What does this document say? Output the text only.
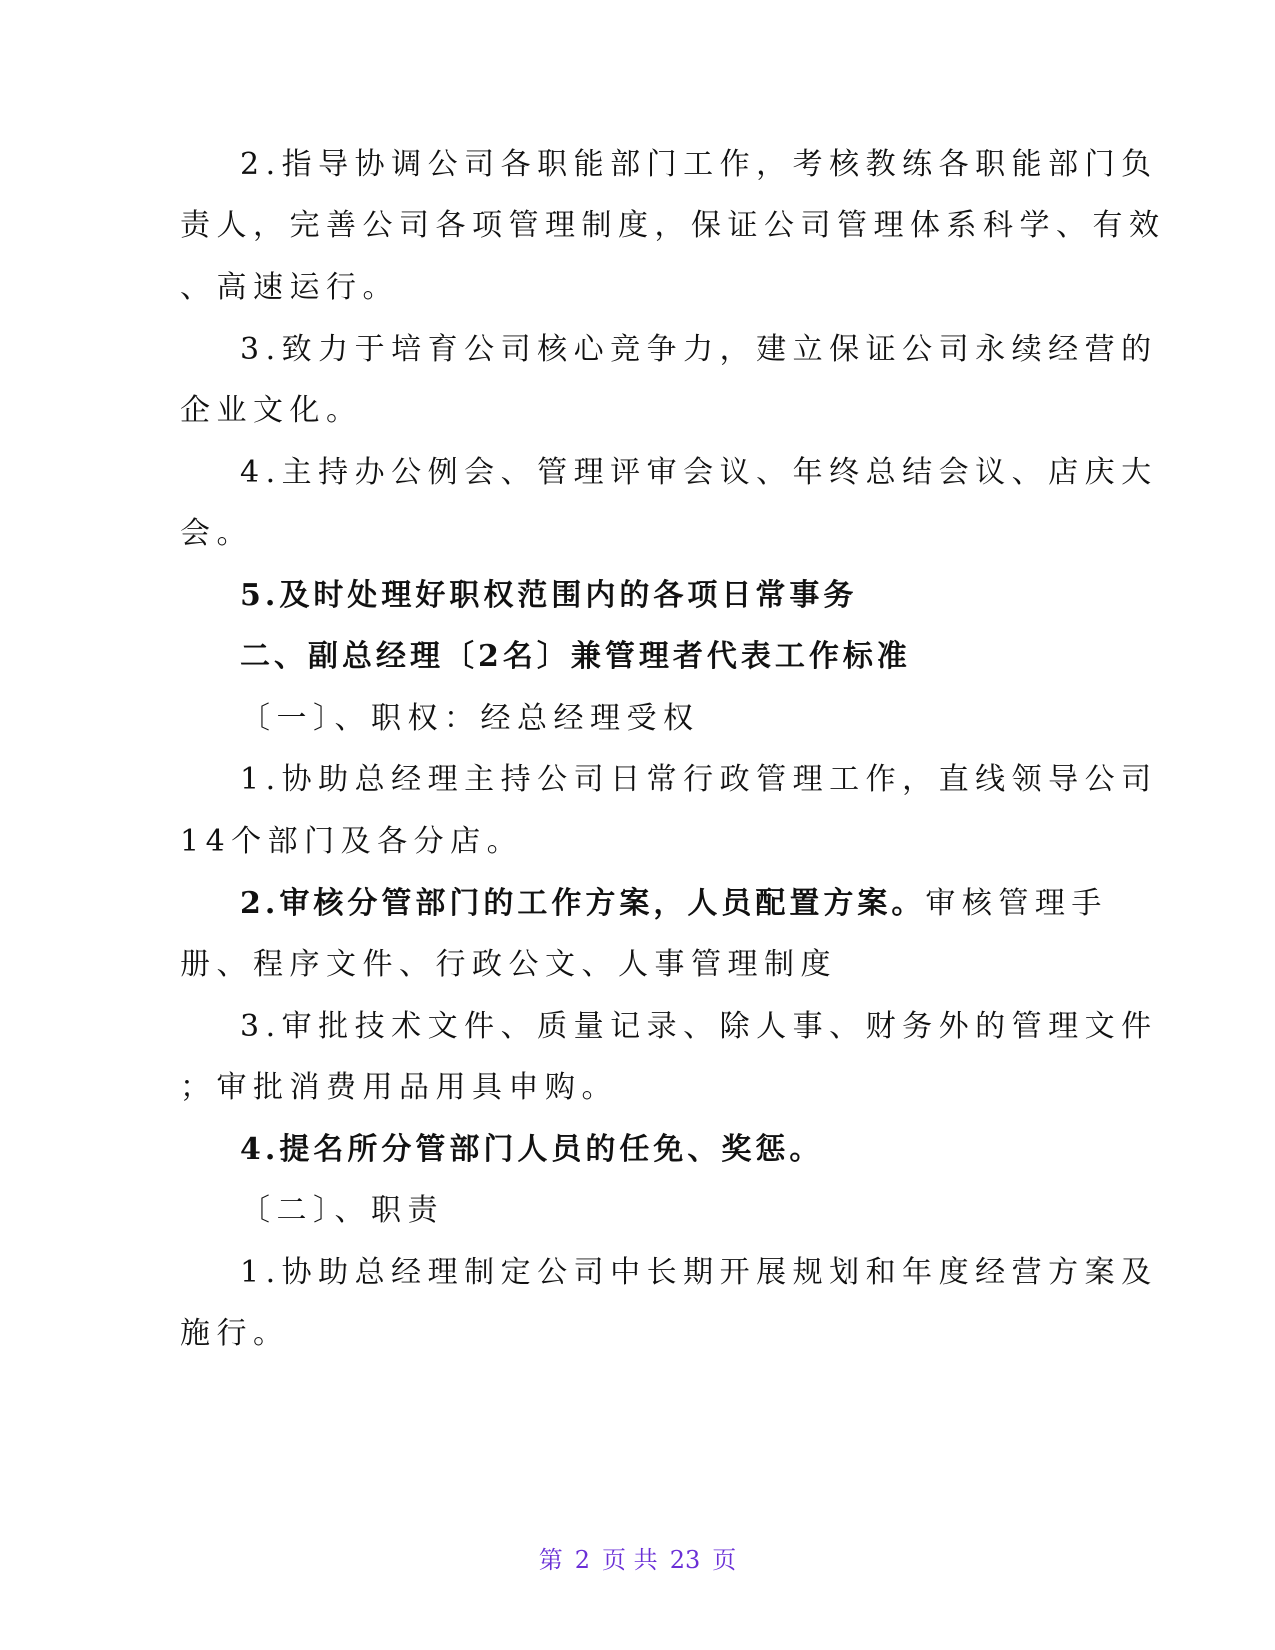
2.指导协调公司各职能部门工作，考核教练各职能部门负
责人，完善公司各项管理制度，保证公司管理体系科学、有效
、高速运行。
3.致力于培育公司核心竞争力，建立保证公司永续经营的
企业文化。
4.主持办公例会、管理评审会议、年终总结会议、店庆大
会。
5.及时处理好职权范围内的各项日常事务
二、副总经理〔2名〕兼管理者代表工作标准
〔一〕、职权：经总经理受权
1.协助总经理主持公司日常行政管理工作，直线领导公司
14个部门及各分店。
2.审核分管部门的工作方案，人员配置方案。审核管理手
册、程序文件、行政公文、人事管理制度
3.审批技术文件、质量记录、除人事、财务外的管理文件
；审批消费用品用具申购。
4.提名所分管部门人员的任免、奖惩。
〔二〕、职责
1.协助总经理制定公司中长期开展规划和年度经营方案及
施行。
第 2 页 共 23 页
